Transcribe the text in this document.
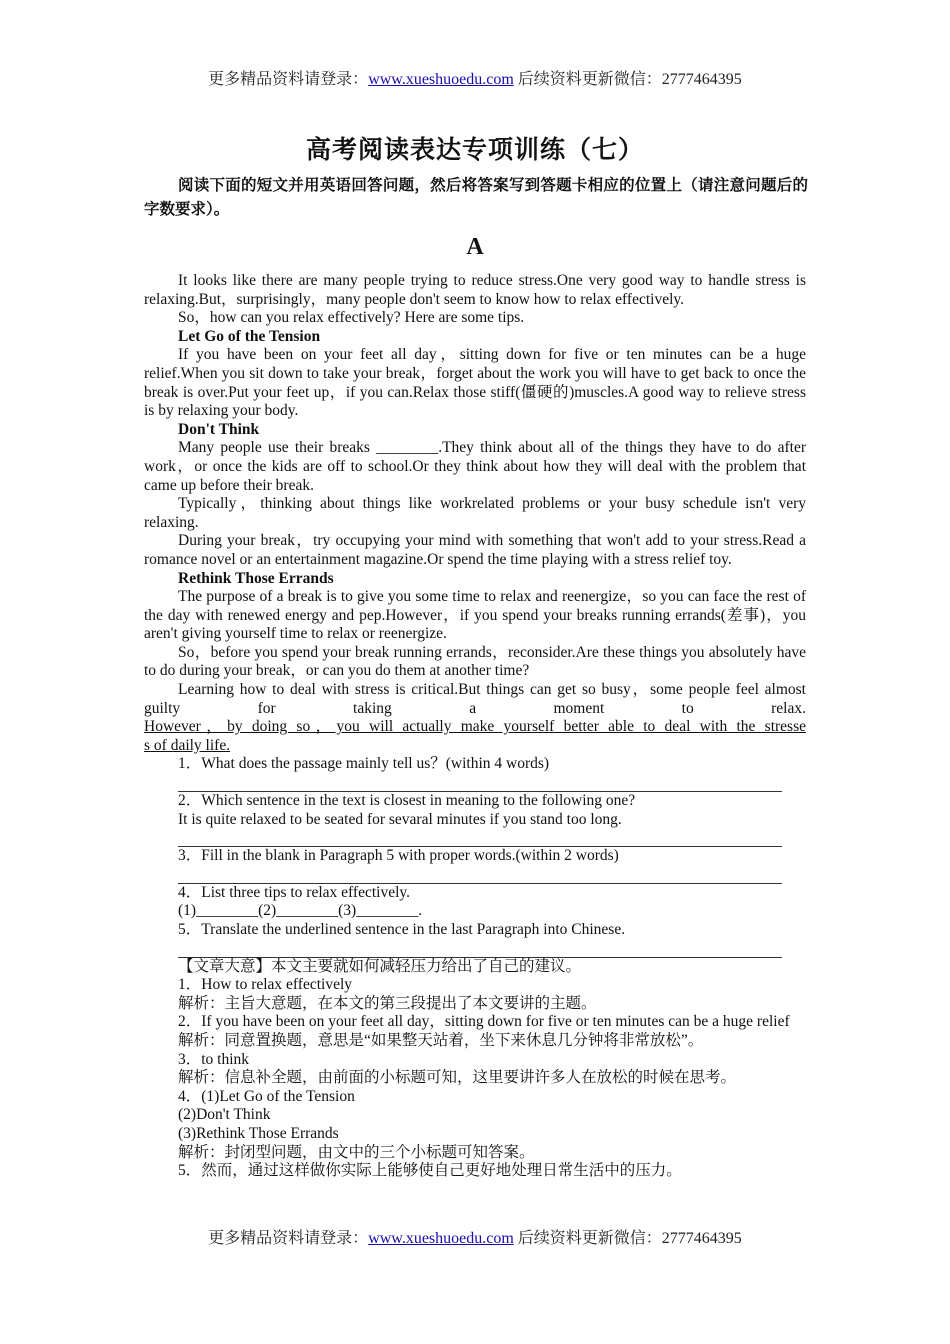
更多精品资料请登录：www.xueshuoedu.com 后续资料更新微信：2777464395
高考阅读表达专项训练（七）
阅读下面的短文并用英语回答问题，然后将答案写到答题卡相应的位置上（请注意问题后的字数要求）。
A

It looks like there are many people trying to reduce stress.One very good way to handle stress is relaxing.But，surprisingly，many people don't seem to know how to relax effectively.

So，how can you relax effectively? Here are some tips.

Let Go of the Tension

If you have been on your feet all day，sitting down for five or ten minutes can be a huge relief.When you sit down to take your break，forget about the work you will have to get back to once the break is over.Put your feet up，if you can.Relax those stiff(僵硬的)muscles.A good way to relieve stress is by relaxing your body.

Don't Think

Many people use their breaks ________.They think about all of the things they have to do after work，or once the kids are off to school.Or they think about how they will deal with the problem that came up before their break.

Typically，thinking about things like workrelated problems or your busy schedule isn't very relaxing.

During your break，try occupying your mind with something that won't add to your stress.Read a romance novel or an entertainment magazine.Or spend the time playing with a stress relief toy.

Rethink Those Errands

The purpose of a break is to give you some time to relax and reenergize，so you can face the rest of the day with renewed energy and pep.However，if you spend your breaks running errands(差事)，you aren't giving yourself time to relax or reenergize.

So，before you spend your break running errands，reconsider.Are these things you absolutely have to do during your break，or can you do them at another time?

Learning how to deal with stress is critical.But things can get so busy，some people feel almost guilty for taking a moment to relax.

However，by doing so，you will actually make yourself better able to deal with the stresse

s of daily life.

1．What does the passage mainly tell us？(within 4 words)

2．Which sentence in the text is closest in meaning to the following one?

It is quite relaxed to be seated for sevaral minutes if you stand too long.

3．Fill in the blank in Paragraph 5 with proper words.(within 2 words)

4．List three tips to relax effectively.

(1)________(2)________(3)________.

5．Translate the underlined sentence in the last Paragraph into Chinese.

【文章大意】本文主要就如何减轻压力给出了自己的建议。

1．How to relax effectively

解析：主旨大意题，在本文的第三段提出了本文要讲的主题。

2．If you have been on your feet all day，sitting down for five or ten minutes can be a huge relief

解析：同意置换题，意思是“如果整天站着，坐下来休息几分钟将非常放松”。

3．to think

解析：信息补全题，由前面的小标题可知，这里要讲许多人在放松的时候在思考。

4．(1)Let Go of the Tension

(2)Don't Think

(3)Rethink Those Errands

解析：封闭型问题，由文中的三个小标题可知答案。

5．然而，通过这样做你实际上能够使自己更好地处理日常生活中的压力。

更多精品资料请登录：www.xueshuoedu.com 后续资料更新微信：2777464395
